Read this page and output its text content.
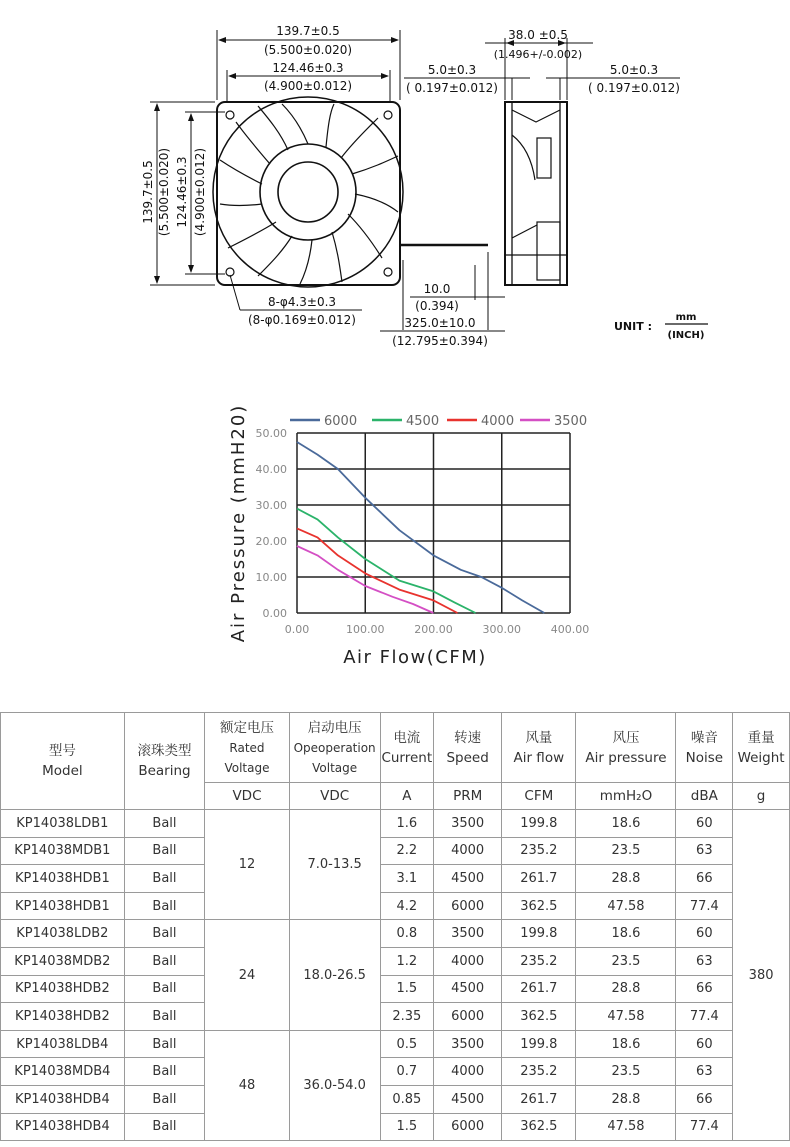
139.7±0.5
(5.500±0.020)
124.46±0.3
(4.900±0.012)
139.7±0.5 (5.500±0.020) 124.46±0.3 (4.900±0.012)
8-φ4.3±0.3
(8-φ0.169±0.012)
38.0 ±0.5
(1.496+/-0.002)
5.0±0.3
( 0.197±0.012)
5.0±0.3
( 0.197±0.012)
10.0
(0.394)
325.0±10.0
(12.795±0.394)
UNIT :
mm
(INCH)
6000	4500	4000	3500
0.00
10.00
20.00
30.00
40.00
50.00
0.00	100.00	200.00	300.00	400.00
Air Pressure (mmH20)
Air Flow(CFM)
型号
Model

滚珠类型
Bearing

额定电压
Rated Voltage

启动电压
Opeoperation
Voltage

电流
Current

转速
Speed

风量
Air flow

风压
Air pressure

噪音
Noise

重量
Weight

		VDC	VDC	A	PRM	CFM	mmH₂O	dBA	g
KP14038LDB1	Ball	12	7.0-13.5	1.6	3500	199.8	18.6	60	380
KP14038MDB1	Ball			2.2	4000	235.2	23.5	63	
KP14038HDB1	Ball			3.1	4500	261.7	28.8	66	
KP14038HDB1	Ball			4.2	6000	362.5	47.58	77.4	
KP14038LDB2	Ball	24	18.0-26.5	0.8	3500	199.8	18.6	60	
KP14038MDB2	Ball			1.2	4000	235.2	23.5	63	
KP14038HDB2	Ball			1.5	4500	261.7	28.8	66	
KP14038HDB2	Ball			2.35	6000	362.5	47.58	77.4	
KP14038LDB4	Ball	48	36.0-54.0	0.5	3500	199.8	18.6	60	
KP14038MDB4	Ball			0.7	4000	235.2	23.5	63	
KP14038HDB4	Ball			0.85	4500	261.7	28.8	66	
KP14038HDB4	Ball			1.5	6000	362.5	47.58	77.4	
